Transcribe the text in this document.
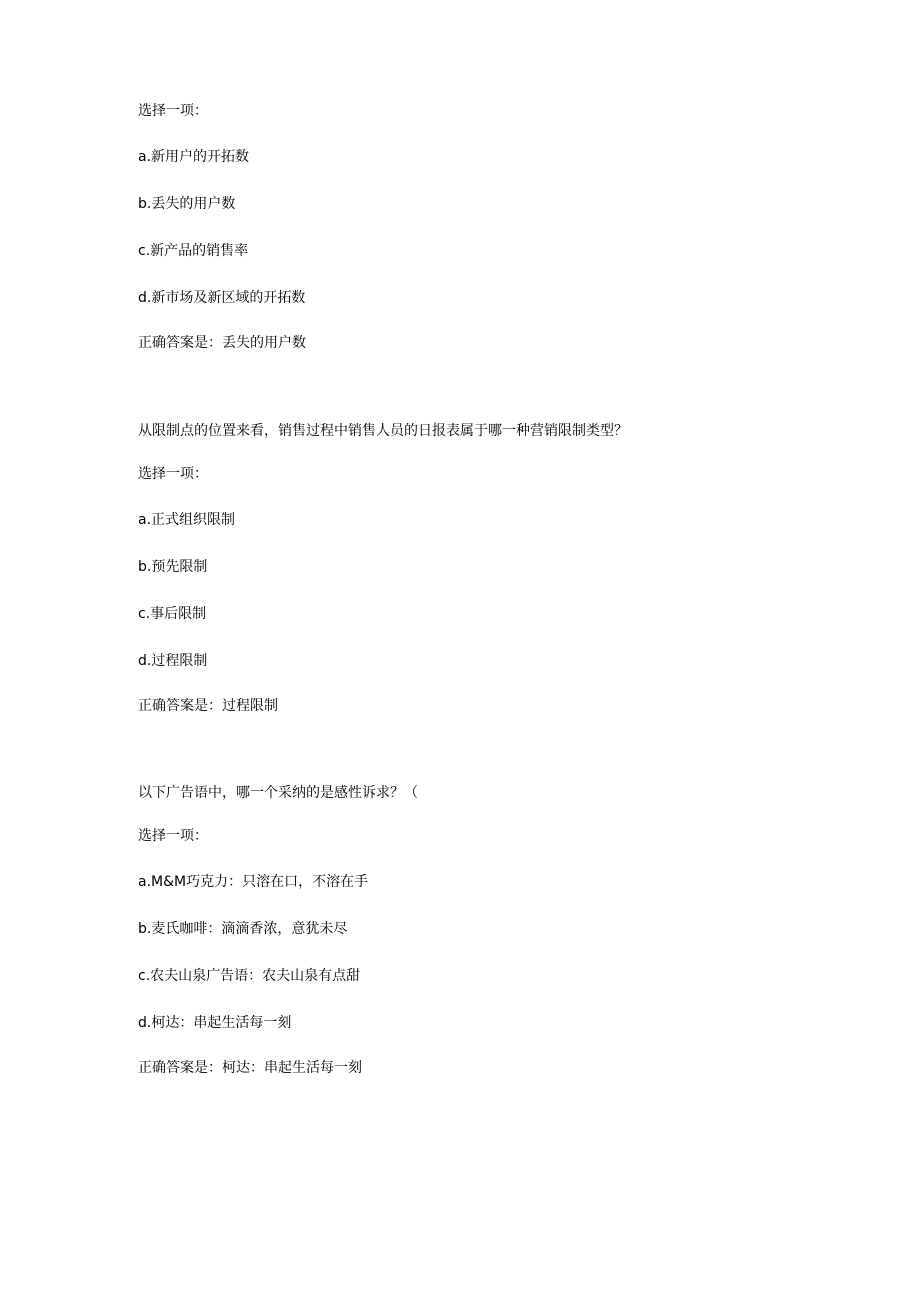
选择一项：
a.新用户的开拓数
b.丢失的用户数
c.新产品的销售率
d.新市场及新区域的开拓数
正确答案是：丢失的用户数
从限制点的位置来看，销售过程中销售人员的日报表属于哪一种营销限制类型？
选择一项：
a.正式组织限制
b.预先限制
c.事后限制
d.过程限制
正确答案是：过程限制
以下广告语中，哪一个采纳的是感性诉求？（
选择一项：
a.M&M巧克力：只溶在口，不溶在手
b.麦氏咖啡：滴滴香浓，意犹未尽
c.农夫山泉广告语：农夫山泉有点甜
d.柯达：串起生活每一刻
正确答案是：柯达：串起生活每一刻
